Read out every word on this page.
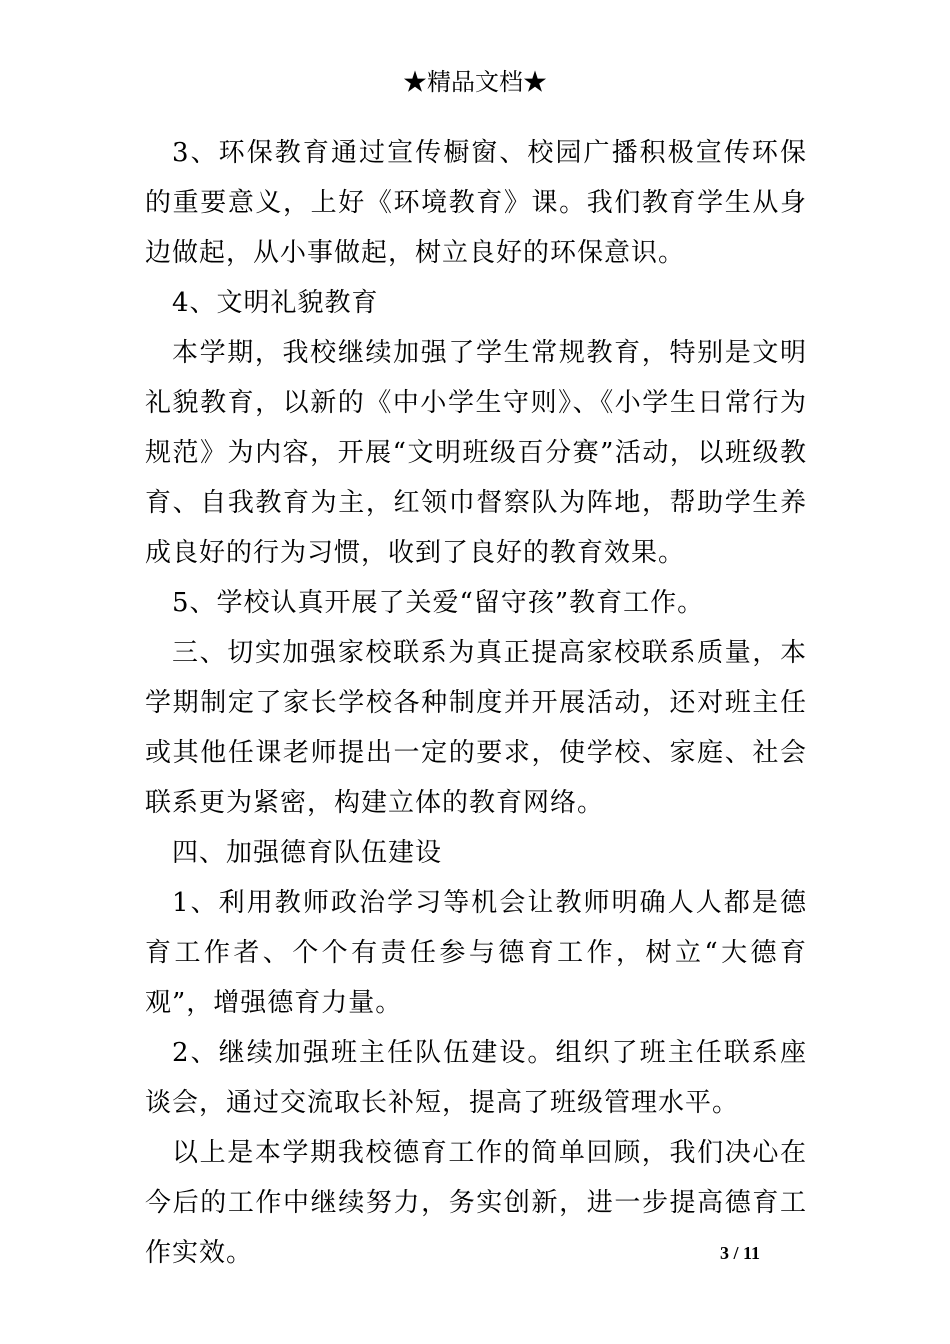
★精品文档★

3、环保教育通过宣传橱窗、校园广播积极宣传环保的重要意义，上好《环境教育》课。我们教育学生从身边做起，从小事做起，树立良好的环保意识。

4、文明礼貌教育

本学期，我校继续加强了学生常规教育，特别是文明礼貌教育，以新的《中小学生守则》、《小学生日常行为规范》为内容，开展“文明班级百分赛”活动，以班级教育、自我教育为主，红领巾督察队为阵地，帮助学生养成良好的行为习惯，收到了良好的教育效果。

5、学校认真开展了关爱“留守孩”教育工作。

三、切实加强家校联系为真正提高家校联系质量，本学期制定了家长学校各种制度并开展活动，还对班主任或其他任课老师提出一定的要求，使学校、家庭、社会联系更为紧密，构建立体的教育网络。

四、加强德育队伍建设

1、利用教师政治学习等机会让教师明确人人都是德育工作者、个个有责任参与德育工作，树立“大德育观”，增强德育力量。

2、继续加强班主任队伍建设。组织了班主任联系座谈会，通过交流取长补短，提高了班级管理水平。

以上是本学期我校德育工作的简单回顾，我们决心在今后的工作中继续努力，务实创新，进一步提高德育工作实效。	3 / 11
